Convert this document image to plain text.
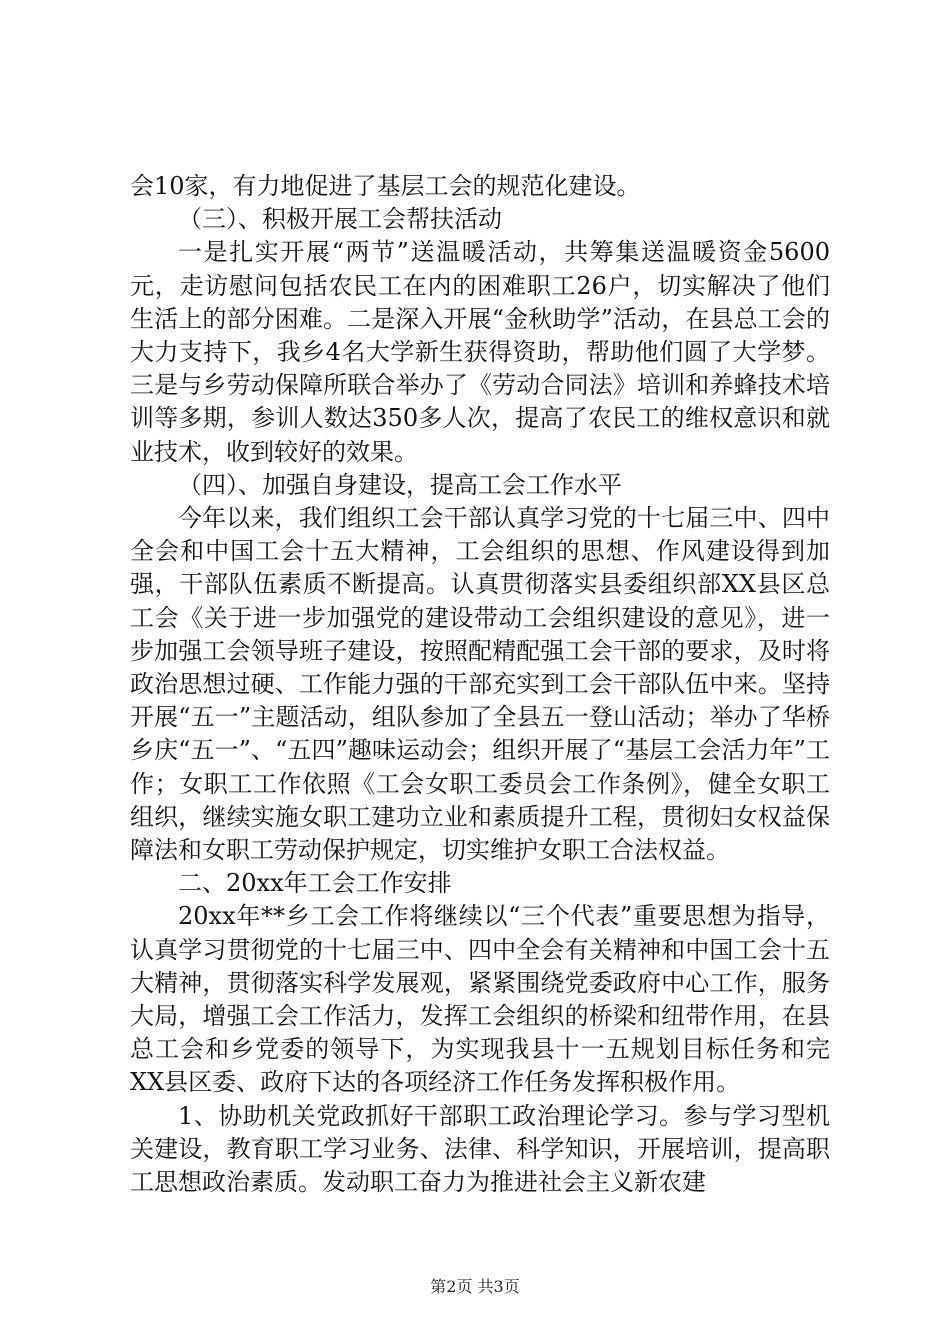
会10家，有力地促进了基层工会的规范化建设。

（三）、积极开展工会帮扶活动

一是扎实开展“两节”送温暖活动，共筹集送温暖资金5600元，走访慰问包括农民工在内的困难职工26户，切实解决了他们生活上的部分困难。二是深入开展“金秋助学”活动，在县总工会的大力支持下，我乡4名大学新生获得资助，帮助他们圆了大学梦。三是与乡劳动保障所联合举办了《劳动合同法》培训和养蜂技术培训等多期，参训人数达350多人次，提高了农民工的维权意识和就业技术，收到较好的效果。

（四）、加强自身建设，提高工会工作水平

今年以来，我们组织工会干部认真学习党的十七届三中、四中全会和中国工会十五大精神，工会组织的思想、作风建设得到加强，干部队伍素质不断提高。认真贯彻落实县委组织部XX县区总工会《关于进一步加强党的建设带动工会组织建设的意见》，进一步加强工会领导班子建设，按照配精配强工会干部的要求，及时将政治思想过硬、工作能力强的干部充实到工会干部队伍中来。坚持开展“五一”主题活动，组队参加了全县五一登山活动；举办了华桥乡庆“五一”、“五四”趣味运动会；组织开展了“基层工会活力年”工作；女职工工作依照《工会女职工委员会工作条例》，健全女职工组织，继续实施女职工建功立业和素质提升工程，贯彻妇女权益保障法和女职工劳动保护规定，切实维护女职工合法权益。

二、20xx年工会工作安排

20xx年**乡工会工作将继续以“三个代表”重要思想为指导，认真学习贯彻党的十七届三中、四中全会有关精神和中国工会十五大精神，贯彻落实科学发展观，紧紧围绕党委政府中心工作，服务大局，增强工会工作活力，发挥工会组织的桥梁和纽带作用，在县总工会和乡党委的领导下，为实现我县十一五规划目标任务和完XX县区委、政府下达的各项经济工作任务发挥积极作用。

1、协助机关党政抓好干部职工政治理论学习。参与学习型机关建设，教育职工学习业务、法律、科学知识，开展培训，提高职工思想政治素质。发动职工奋力为推进社会主义新农建

第2页 共3页
